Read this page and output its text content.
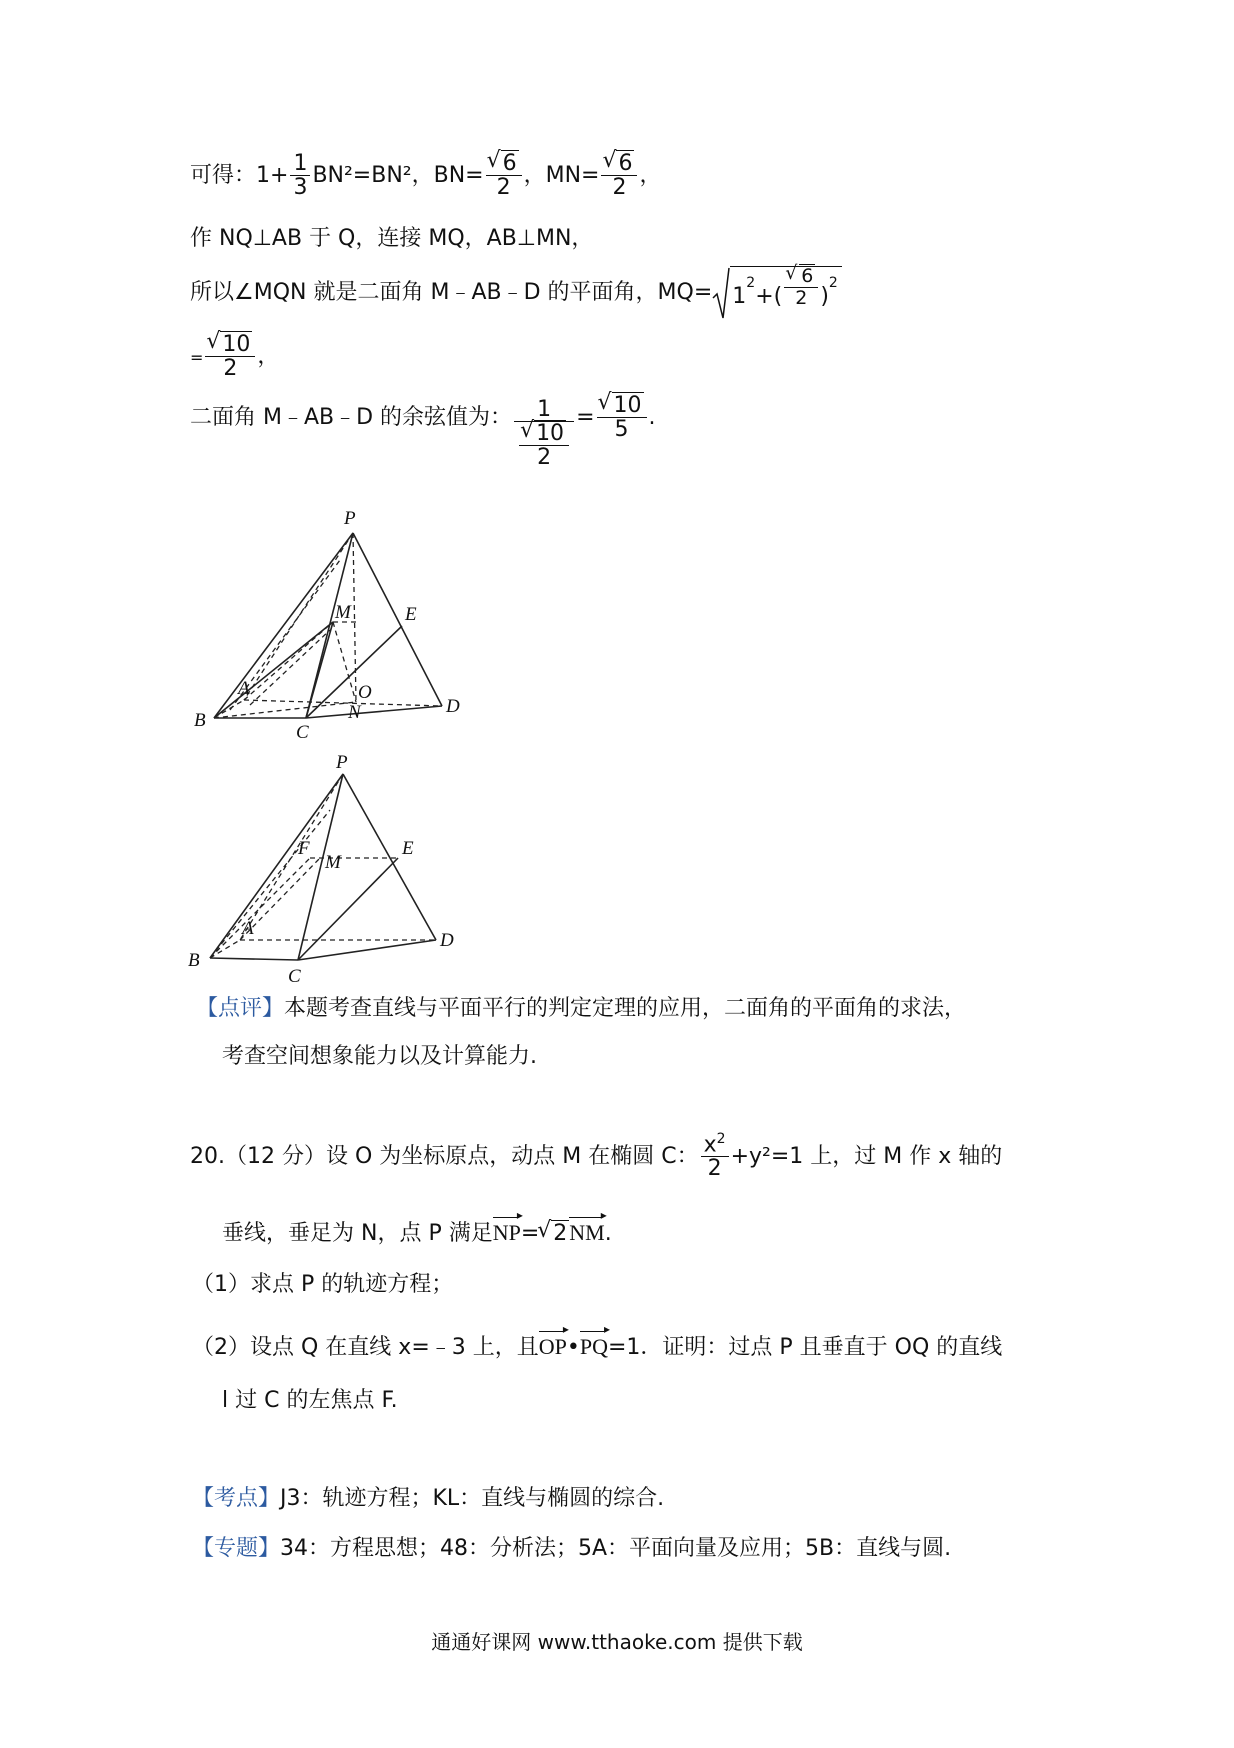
可得：$1+ \frac{1}{3} BN^2=BN^2$，BN= √ $\frac{6}{2}$ ，MN= √ $\frac{6}{2}$ ，
作 NQ⊥AB 于 Q，连接 MQ，AB⊥MN，
所以∠MQN 就是二面角 M﹣AB﹣D 的平面角，$MQ= 1^2+$( √ $\frac{6}{2} )^2$
= √ $\frac{10}{2}$ ，
二面角 M﹣AB﹣D 的余弦值为： 1
√ $\frac{10}{2}$ = √ $\frac{10}{5}$ .
P
M	E
A	O
N
B
C
D
P
F
M
E
A
B
C
D
【点评】本题考查直线与平面平行的判定定理的应用，二面角的平面角的求法，
考查空间想象能力以及计算能力.
20.（12 分）设 O 为坐标原点，动点 M 在椭圆 C： $\frac{x^2}{2} +y^2=1$ 上，过 M 作 x 轴的
垂线，垂足为 N，点 P 满足NP ▸= √ 2NM ▸.
（1）求点 P 的轨迹方程；
（2）设点 Q 在直线 x=﹣3 上，且OP ▸•PQ ▸=1．证明：过点 P 且垂直于 OQ 的直线
l 过 C 的左焦点 F.
【考点】J3：轨迹方程；KL：直线与椭圆的综合.
【专题】34：方程思想；48：分析法；5A：平面向量及应用；5B：直线与圆.
通通好课网 www.tthaoke.com 提供下载
